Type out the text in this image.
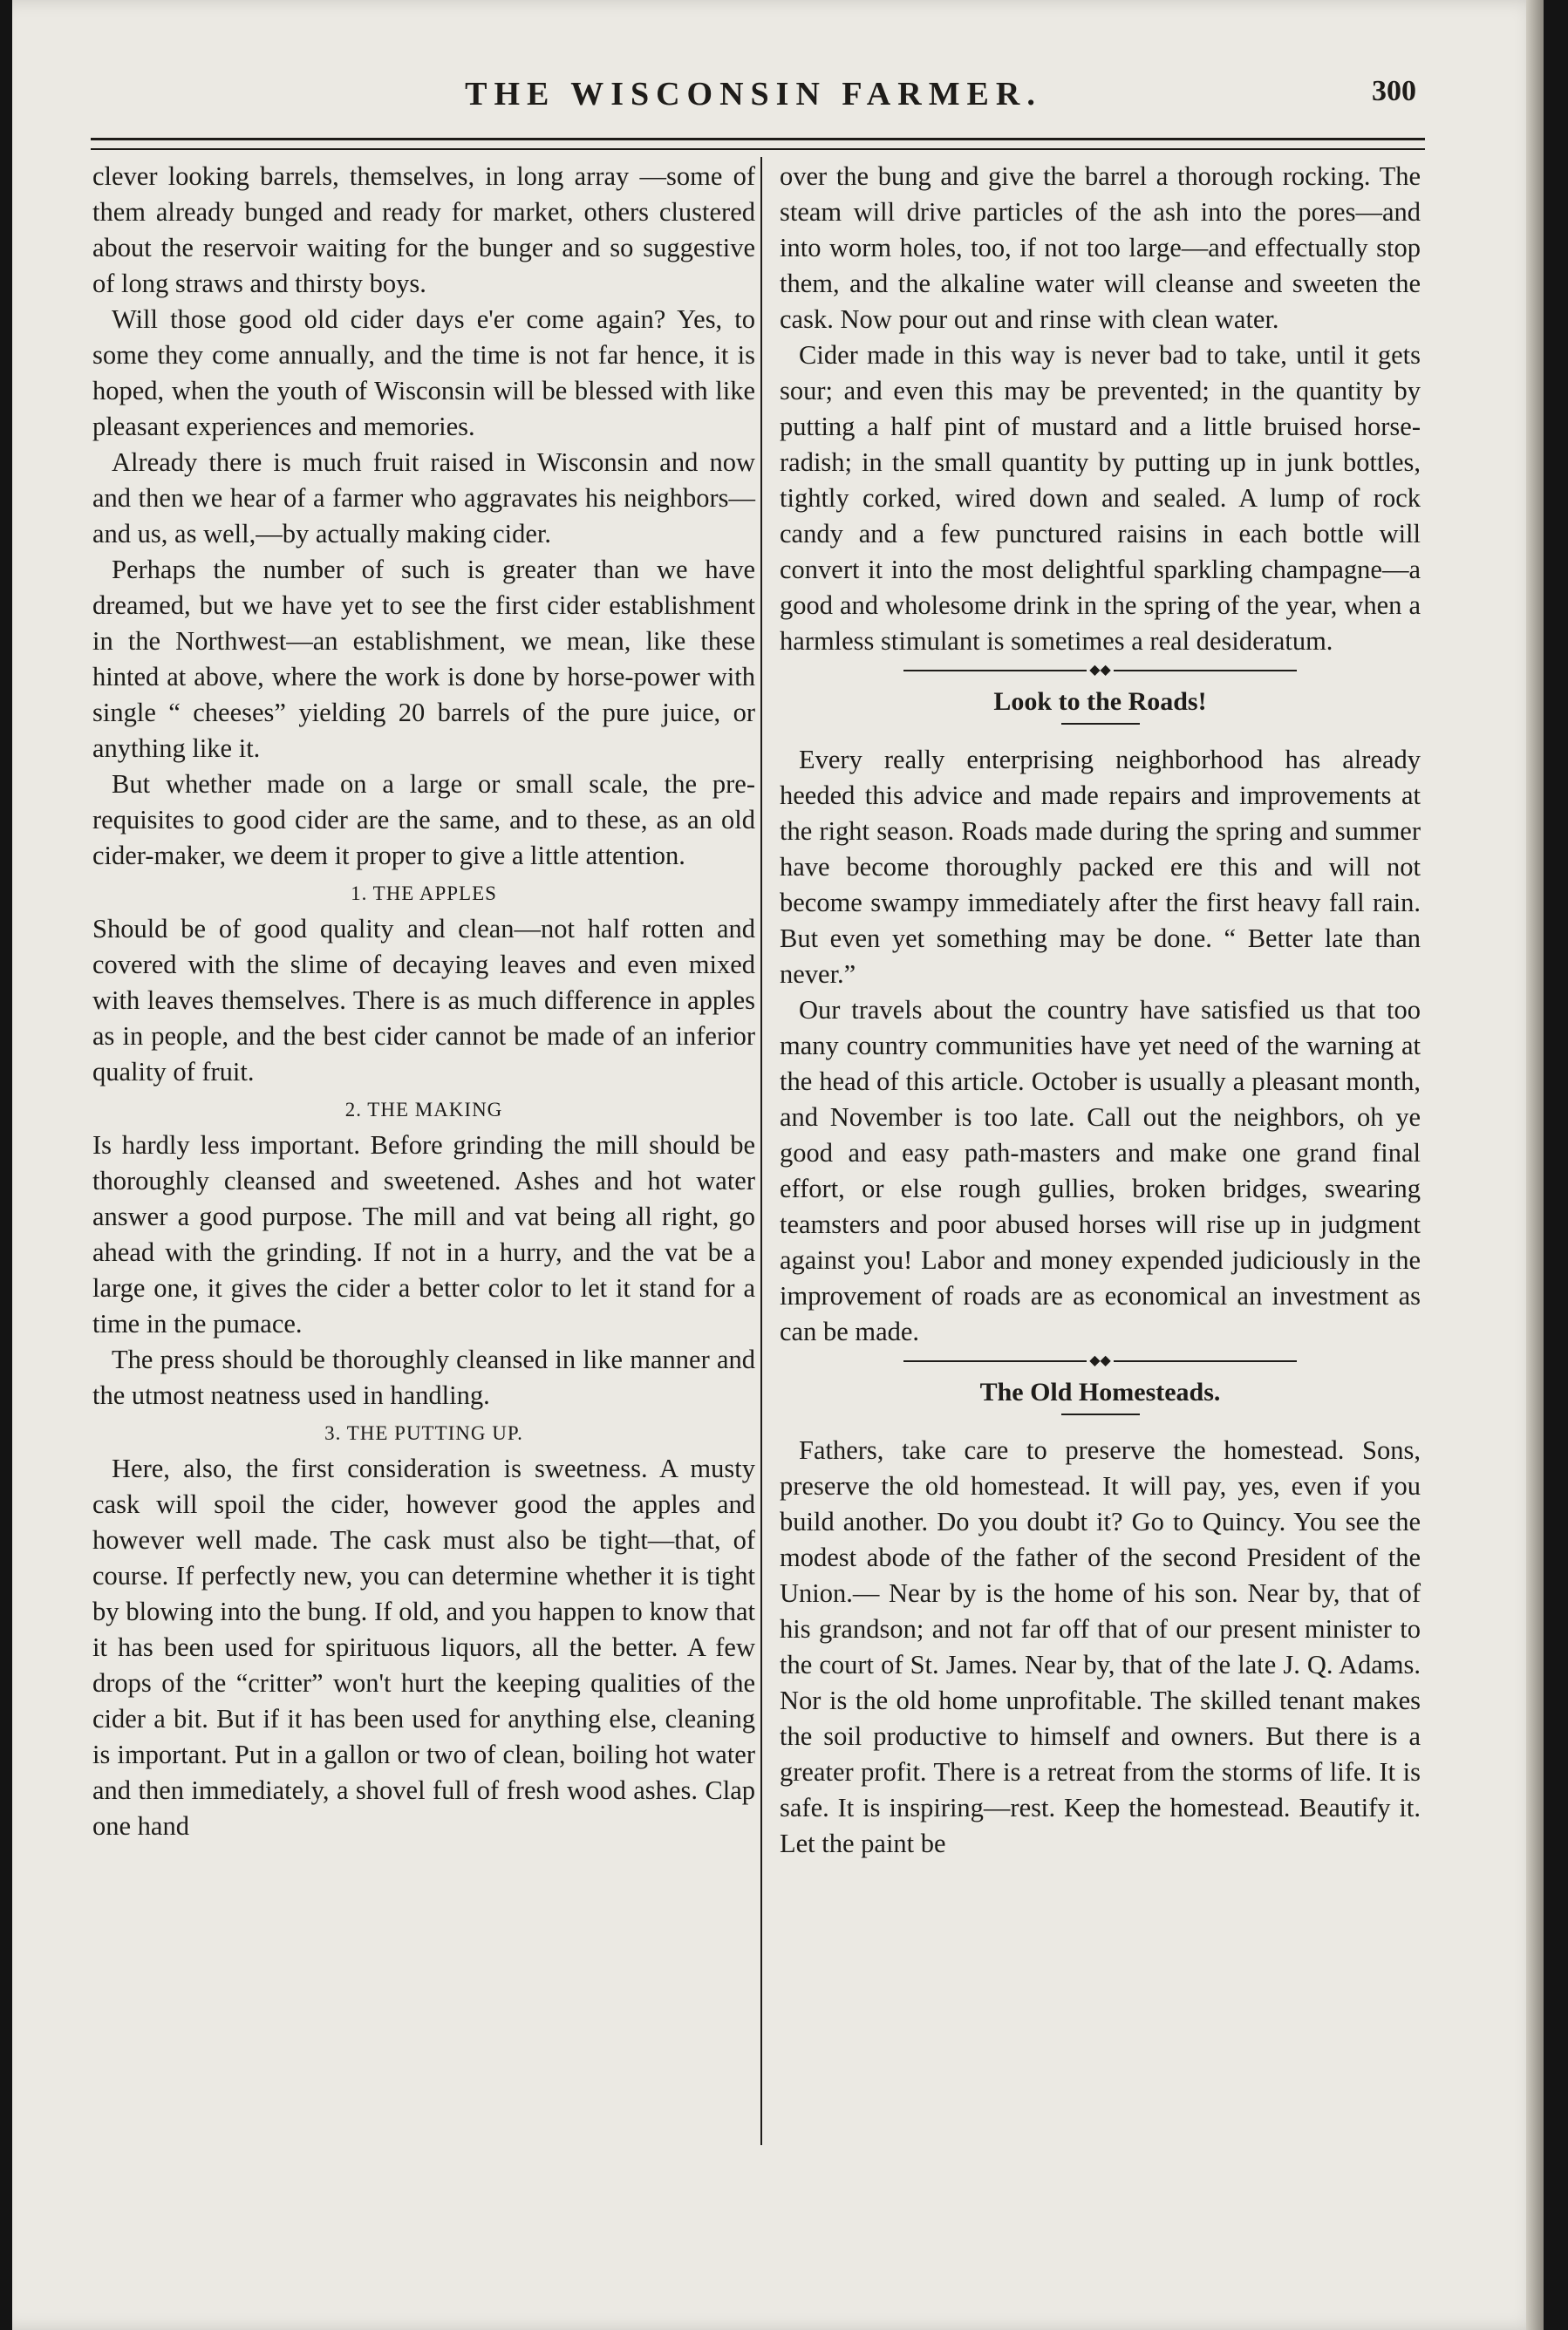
THE WISCONSIN FARMER.	300

clever looking barrels, themselves, in long array —some of them already bunged and ready for market, others clustered about the reservoir waiting for the bunger and so suggestive of long straws and thirsty boys.

Will those good old cider days e'er come again? Yes, to some they come annually, and the time is not far hence, it is hoped, when the youth of Wisconsin will be blessed with like pleasant experiences and memories.

Already there is much fruit raised in Wisconsin and now and then we hear of a farmer who aggravates his neighbors—and us, as well,—by actually making cider.

Perhaps the number of such is greater than we have dreamed, but we have yet to see the first cider establishment in the Northwest—an establishment, we mean, like these hinted at above, where the work is done by horse-power with single “ cheeses” yielding 20 barrels of the pure juice, or anything like it.

But whether made on a large or small scale, the pre-requisites to good cider are the same, and to these, as an old cider-maker, we deem it proper to give a little attention.

1. THE APPLES

Should be of good quality and clean—not half rotten and covered with the slime of decaying leaves and even mixed with leaves themselves. There is as much difference in apples as in people, and the best cider cannot be made of an inferior quality of fruit.

2. THE MAKING

Is hardly less important. Before grinding the mill should be thoroughly cleansed and sweetened. Ashes and hot water answer a good purpose. The mill and vat being all right, go ahead with the grinding. If not in a hurry, and the vat be a large one, it gives the cider a better color to let it stand for a time in the pumace.

The press should be thoroughly cleansed in like manner and the utmost neatness used in handling.

3. THE PUTTING UP.

Here, also, the first consideration is sweetness. A musty cask will spoil the cider, however good the apples and however well made. The cask must also be tight—that, of course. If perfectly new, you can determine whether it is tight by blowing into the bung. If old, and you happen to know that it has been used for spirituous liquors, all the better. A few drops of the “critter” won't hurt the keeping qualities of the cider a bit. But if it has been used for anything else, cleaning is important. Put in a gallon or two of clean, boiling hot water and then immediately, a shovel full of fresh wood ashes. Clap one hand

over the bung and give the barrel a thorough rocking. The steam will drive particles of the ash into the pores—and into worm holes, too, if not too large—and effectually stop them, and the alkaline water will cleanse and sweeten the cask. Now pour out and rinse with clean water.

Cider made in this way is never bad to take, until it gets sour; and even this may be prevented; in the quantity by putting a half pint of mustard and a little bruised horse-radish; in the small quantity by putting up in junk bottles, tightly corked, wired down and sealed. A lump of rock candy and a few punctured raisins in each bottle will convert it into the most delightful sparkling champagne—a good and wholesome drink in the spring of the year, when a harmless stimulant is sometimes a real desideratum.

◆◆
Look to the Roads!

Every really enterprising neighborhood has already heeded this advice and made repairs and improvements at the right season. Roads made during the spring and summer have become thoroughly packed ere this and will not become swampy immediately after the first heavy fall rain. But even yet something may be done. “ Better late than never.”

Our travels about the country have satisfied us that too many country communities have yet need of the warning at the head of this article. October is usually a pleasant month, and November is too late. Call out the neighbors, oh ye good and easy path-masters and make one grand final effort, or else rough gullies, broken bridges, swearing teamsters and poor abused horses will rise up in judgment against you! Labor and money expended judiciously in the improvement of roads are as economical an investment as can be made.

◆◆
The Old Homesteads.

Fathers, take care to preserve the homestead. Sons, preserve the old homestead. It will pay, yes, even if you build another. Do you doubt it? Go to Quincy. You see the modest abode of the father of the second President of the Union.— Near by is the home of his son. Near by, that of his grandson; and not far off that of our present minister to the court of St. James. Near by, that of the late J. Q. Adams. Nor is the old home unprofitable. The skilled tenant makes the soil productive to himself and owners. But there is a greater profit. There is a retreat from the storms of life. It is safe. It is inspiring—rest. Keep the homestead. Beautify it. Let the paint be
